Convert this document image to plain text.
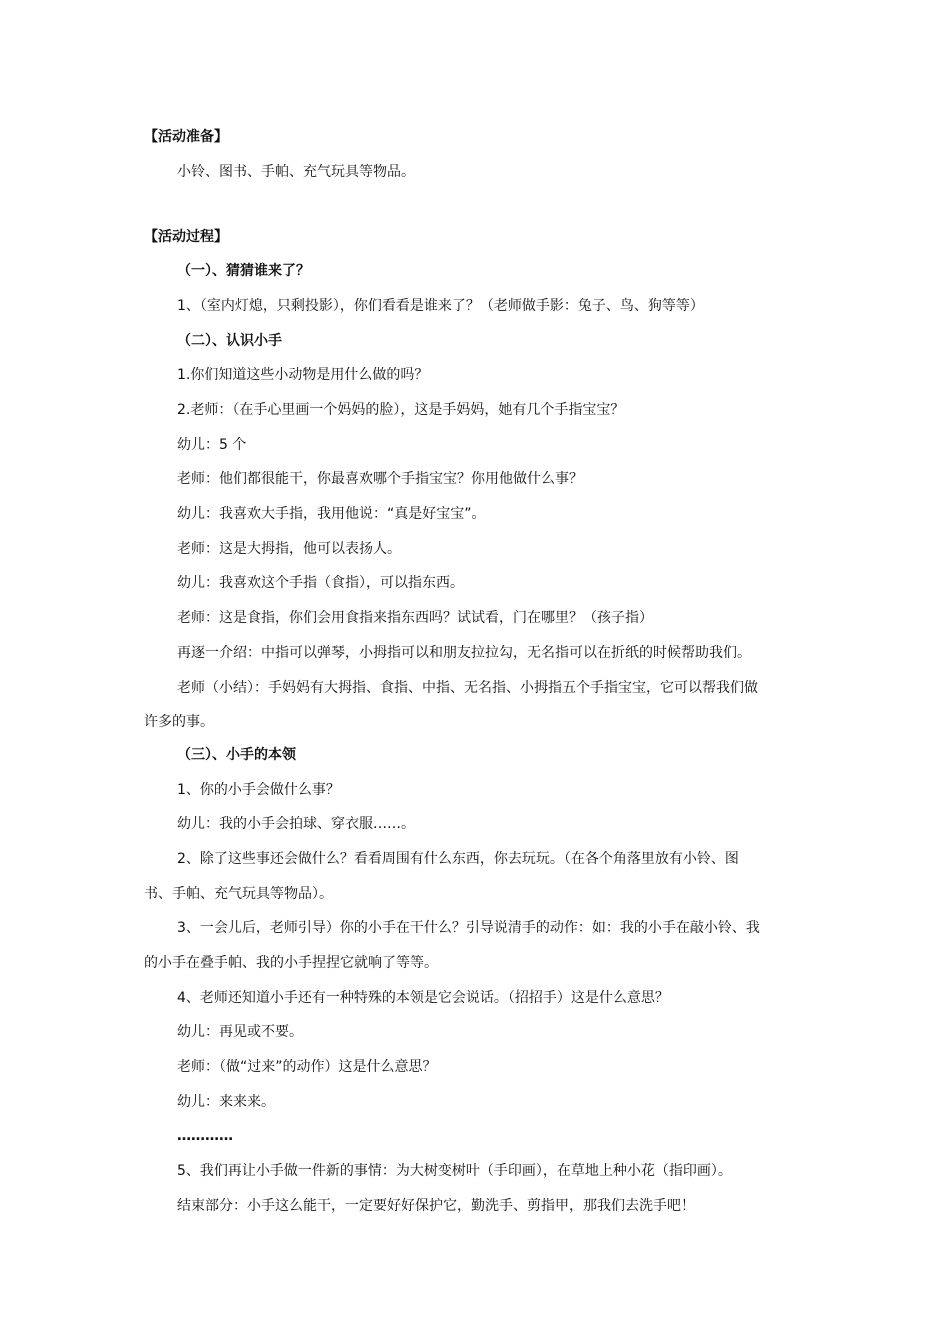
【活动准备】

小铃、图书、手帕、充气玩具等物品。

【活动过程】

（一）、猜猜谁来了？

1、（室内灯熄，只剩投影），你们看看是谁来了？（老师做手影：兔子、鸟、狗等等）

（二）、认识小手

1.你们知道这些小动物是用什么做的吗？

2.老师：（在手心里画一个妈妈的脸），这是手妈妈，她有几个手指宝宝？

幼儿：5 个

老师：他们都很能干，你最喜欢哪个手指宝宝？你用他做什么事？

幼儿：我喜欢大手指，我用他说：“真是好宝宝”。

老师：这是大拇指，他可以表扬人。

幼儿：我喜欢这个手指（食指），可以指东西。

老师：这是食指，你们会用食指来指东西吗？试试看，门在哪里？（孩子指）

再逐一介绍：中指可以弹琴，小拇指可以和朋友拉拉勾，无名指可以在折纸的时候帮助我们。

老师（小结）：手妈妈有大拇指、食指、中指、无名指、小拇指五个手指宝宝，它可以帮我们做

许多的事。

（三）、小手的本领

1、你的小手会做什么事？

幼儿：我的小手会拍球、穿衣服……。

2、除了这些事还会做什么？看看周围有什么东西，你去玩玩。（在各个角落里放有小铃、图

书、手帕、充气玩具等物品）。

3、一会儿后，老师引导）你的小手在干什么？引导说清手的动作：如：我的小手在敲小铃、我

的小手在叠手帕、我的小手捏捏它就响了等等。

4、老师还知道小手还有一种特殊的本领是它会说话。（招招手）这是什么意思？

幼儿：再见或不要。

老师：（做“过来”的动作）这是什么意思？

幼儿：来来来。

…………

5、我们再让小手做一件新的事情：为大树变树叶（手印画），在草地上种小花（指印画）。

结束部分：小手这么能干，一定要好好保护它，勤洗手、剪指甲，那我们去洗手吧！
